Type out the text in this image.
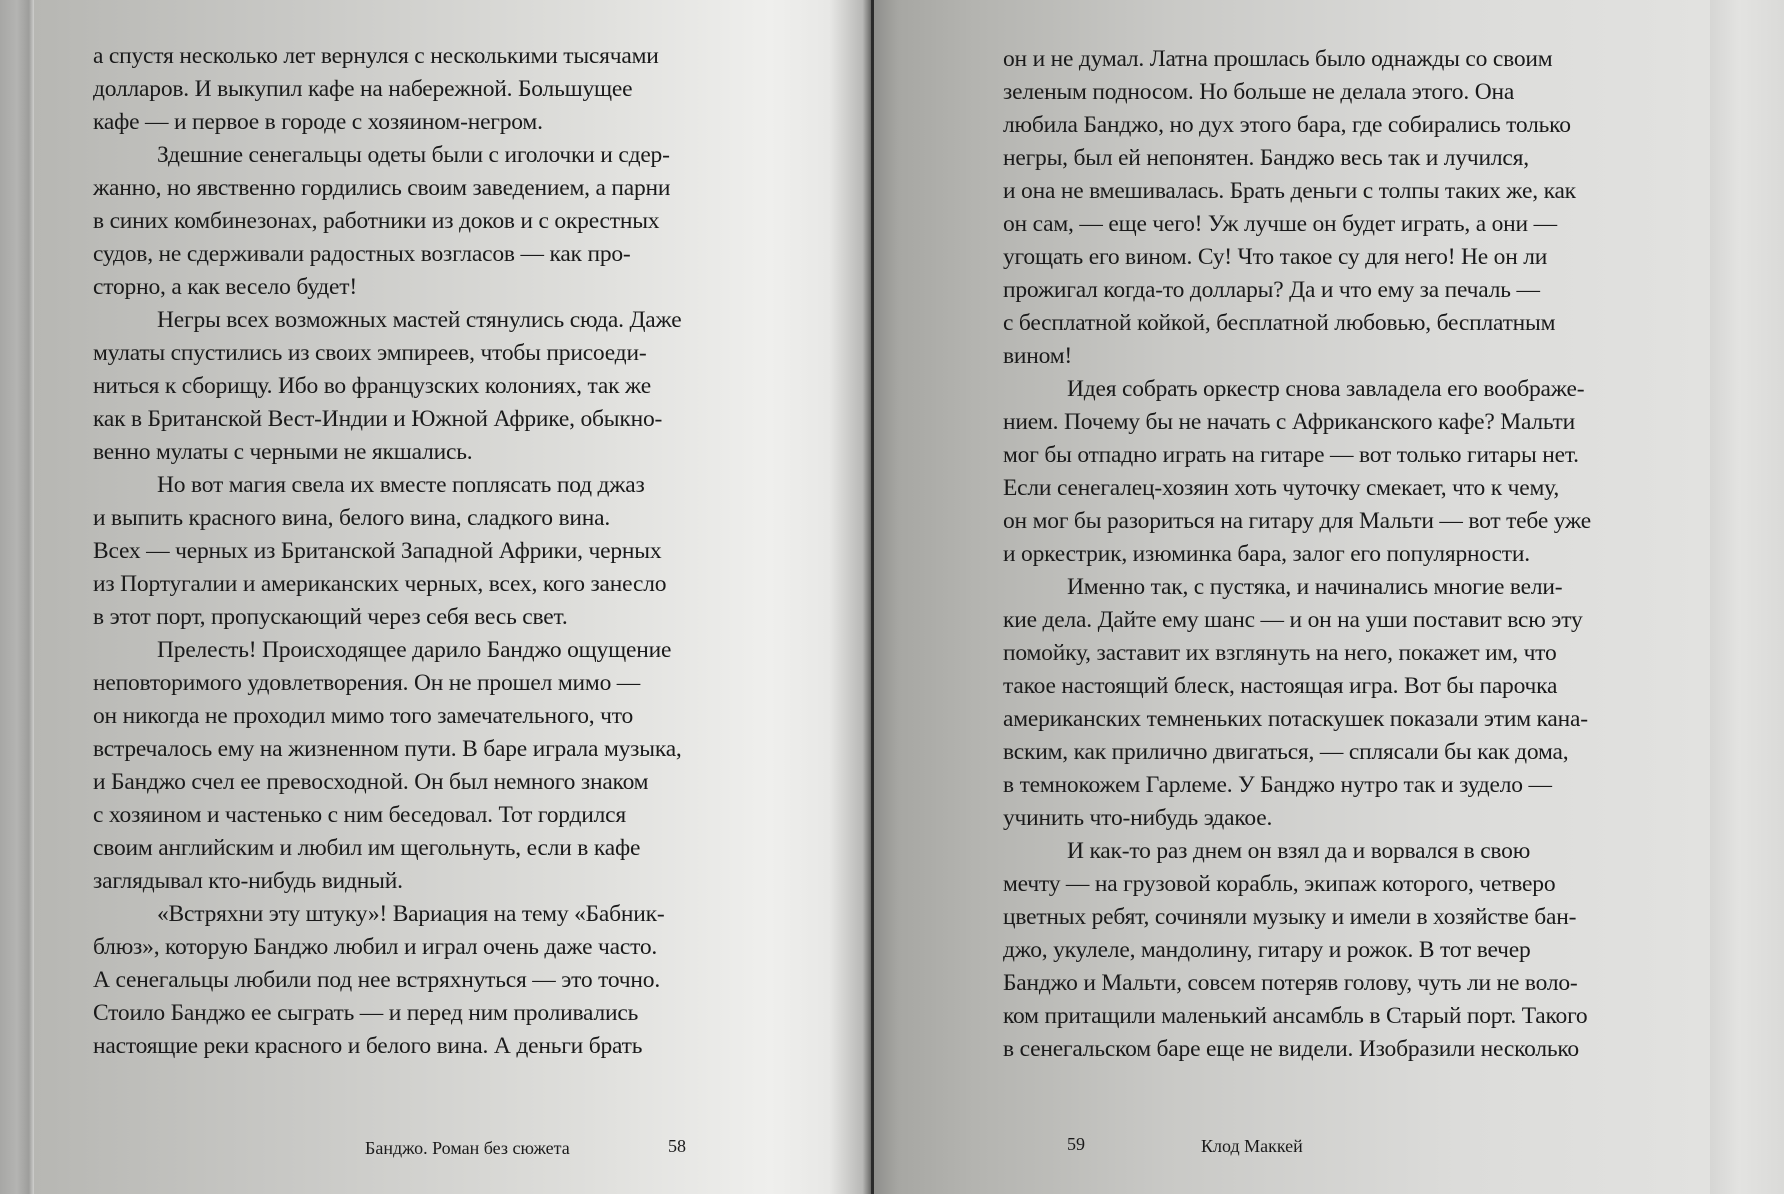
а спустя несколько лет вернулся с несколькими тысячами
долларов. И выкупил кафе на набережной. Большущее
кафе — и первое в городе с хозяином-негром.
Здешние сенегальцы одеты были с иголочки и сдер-
жанно, но явственно гордились своим заведением, а парни
в синих комбинезонах, работники из доков и с окрестных
судов, не сдерживали радостных возгласов — как про-
сторно, а как весело будет!
Негры всех возможных мастей стянулись сюда. Даже
мулаты спустились из своих эмпиреев, чтобы присоеди-
ниться к сборищу. Ибо во французских колониях, так же
как в Британской Вест-Индии и Южной Африке, обыкно-
венно мулаты с черными не якшались.
Но вот магия свела их вместе поплясать под джаз
и выпить красного вина, белого вина, сладкого вина.
Всех — черных из Британской Западной Африки, черных
из Португалии и американских черных, всех, кого занесло
в этот порт, пропускающий через себя весь свет.
Прелесть! Происходящее дарило Банджо ощущение
неповторимого удовлетворения. Он не прошел мимо —
он никогда не проходил мимо того замечательного, что
встречалось ему на жизненном пути. В баре играла музыка,
и Банджо счел ее превосходной. Он был немного знаком
с хозяином и частенько с ним беседовал. Тот гордился
своим английским и любил им щегольнуть, если в кафе
заглядывал кто-нибудь видный.
«Встряхни эту штуку»! Вариация на тему «Бабник-
блюз», которую Банджо любил и играл очень даже часто.
А сенегальцы любили под нее встряхнуться — это точно.
Стоило Банджо ее сыграть — и перед ним проливались
настоящие реки красного и белого вина. А деньги брать
он и не думал. Латна прошлась было однажды со своим
зеленым подносом. Но больше не делала этого. Она
любила Банджо, но дух этого бара, где собирались только
негры, был ей непонятен. Банджо весь так и лучился,
и она не вмешивалась. Брать деньги с толпы таких же, как
он сам, — еще чего! Уж лучше он будет играть, а они —
угощать его вином. Су! Что такое су для него! Не он ли
прожигал когда-то доллары? Да и что ему за печаль —
с бесплатной койкой, бесплатной любовью, бесплатным
вином!
Идея собрать оркестр снова завладела его воображе-
нием. Почему бы не начать с Африканского кафе? Мальти
мог бы отпадно играть на гитаре — вот только гитары нет.
Если сенегалец-хозяин хоть чуточку смекает, что к чему,
он мог бы разориться на гитару для Мальти — вот тебе уже
и оркестрик, изюминка бара, залог его популярности.
Именно так, с пустяка, и начинались многие вели-
кие дела. Дайте ему шанс — и он на уши поставит всю эту
помойку, заставит их взглянуть на него, покажет им, что
такое настоящий блеск, настоящая игра. Вот бы парочка
американских темненьких потаскушек показали этим кана-
вским, как прилично двигаться, — сплясали бы как дома,
в темнокожем Гарлеме. У Банджо нутро так и зудело —
учинить что-нибудь эдакое.
И как-то раз днем он взял да и ворвался в свою
мечту — на грузовой корабль, экипаж которого, четверо
цветных ребят, сочиняли музыку и имели в хозяйстве бан-
джо, укулеле, мандолину, гитару и рожок. В тот вечер
Банджо и Мальти, совсем потеряв голову, чуть ли не воло-
ком притащили маленький ансамбль в Старый порт. Такого
в сенегальском баре еще не видели. Изобразили несколько
Банджо. Роман без сюжета	58	59	Клод Маккей
